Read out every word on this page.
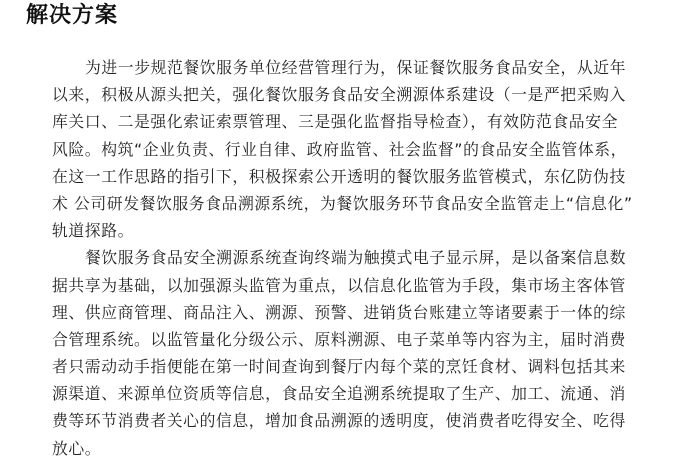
解决方案
为进一步规范餐饮服务单位经营管理行为，保证餐饮服务食品安全，从近年
以来，积极从源头把关，强化餐饮服务食品安全溯源体系建设（一是严把采购入
库关口、二是强化索证索票管理、三是强化监督指导检查），有效防范食品安全
风险。构筑“企业负责、行业自律、政府监管、社会监督”的食品安全监管体系，
在这一工作思路的指引下，积极探索公开透明的餐饮服务监管模式，东亿防伪技
术 公司研发餐饮服务食品溯源系统，为餐饮服务环节食品安全监管走上“信息化”
轨道探路。
餐饮服务食品安全溯源系统查询终端为触摸式电子显示屏，是以备案信息数
据共享为基础，以加强源头监管为重点，以信息化监管为手段，集市场主客体管
理、供应商管理、商品注入、溯源、预警、进销货台账建立等诸要素于一体的综
合管理系统。以监管量化分级公示、原料溯源、电子菜单等内容为主，届时消费
者只需动动手指便能在第一时间查询到餐厅内每个菜的烹饪食材、调料包括其来
源渠道、来源单位资质等信息，食品安全追溯系统提取了生产、加工、流通、消
费等环节消费者关心的信息，增加食品溯源的透明度，使消费者吃得安全、吃得
放心。
